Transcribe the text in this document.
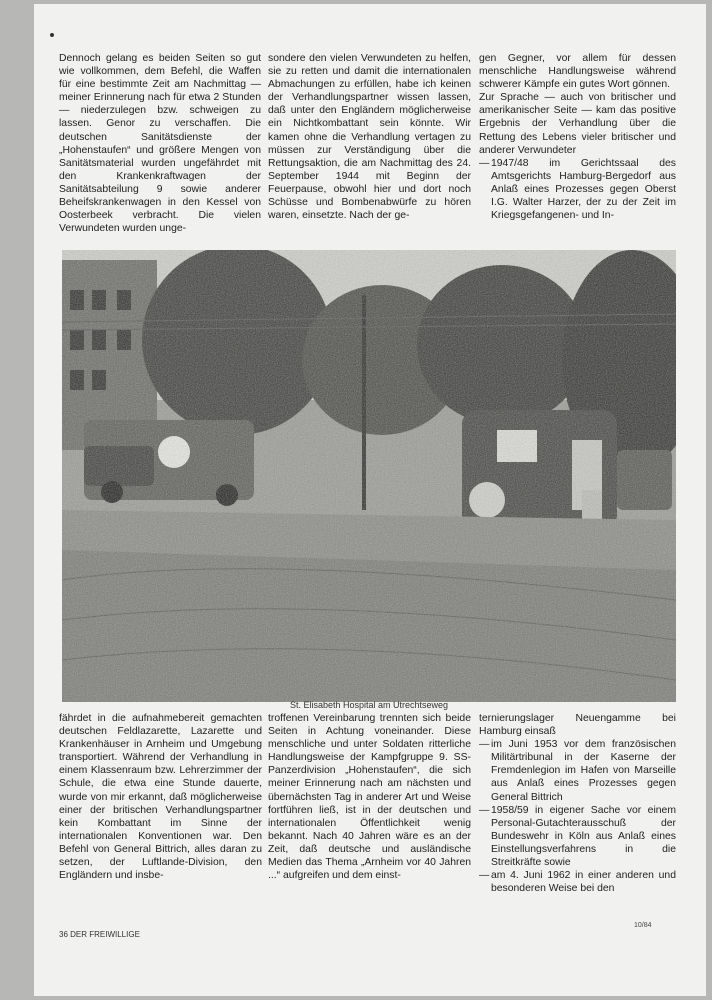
Dennoch gelang es beiden Seiten so gut wie vollkommen, dem Befehl, die Waffen für eine bestimmte Zeit am Nachmittag — meiner Erinnerung nach für etwa 2 Stunden — niederzulegen bzw. schweigen zu lassen. Genor zu verschaffen. Die deutschen Sanitätsdienste der „Hohenstaufen“ und größere Mengen von Sanitätsmaterial wurden ungefährdet mit den Krankenkraftwagen der Sanitätsabteilung 9 sowie anderer Beheifskrankenwagen in den Kessel von Oosterbeek verbracht. Die vielen Verwundeten wurden unge-

sondere den vielen Verwundeten zu helfen, sie zu retten und damit die internationalen Abmachungen zu erfüllen, habe ich keinen der Verhandlungspartner wissen lassen, daß unter den Engländern möglicherweise ein Nichtkombattant sein könnte. Wir kamen ohne die Verhandlung vertagen zu müssen zur Verständigung über die Rettungsaktion, die am Nachmittag des 24. September 1944 mit Beginn der Feuerpause, obwohl hier und dort noch Schüsse und Bombenabwürfe zu hören waren, einsetzte. Nach der ge-

gen Gegner, vor allem für dessen menschliche Handlungsweise während schwerer Kämpfe ein gutes Wort gönnen.

Zur Sprache — auch von britischer und amerikanischer Seite — kam das positive Ergebnis der Verhandlung über die Rettung des Lebens vieler britischer und anderer Verwundeter

— 1947/48 im Gerichtssaal des Amtsgerichts Hamburg-Bergedorf aus Anlaß eines Prozesses gegen Oberst I.G. Walter Harzer, der zu der Zeit im Kriegsgefangenen- und In-
St. Elisabeth Hospital am Utrechtseweg

fährdet in die aufnahmebereit gemachten deutschen Feldlazarette, Lazarette und Krankenhäuser in Arnheim und Umgebung transportiert. Während der Verhandlung in einem Klassenraum bzw. Lehrerzimmer der Schule, die etwa eine Stunde dauerte, wurde von mir erkannt, daß möglicherweise einer der britischen Verhandlungspartner kein Kombattant im Sinne der internationalen Konventionen war. Den Befehl von General Bittrich, alles daran zu setzen, der Luftlande-Division, den Engländern und insbe-

troffenen Vereinbarung trennten sich beide Seiten in Achtung voneinander. Diese menschliche und unter Soldaten ritterliche Handlungsweise der Kampfgruppe 9. SS-Panzerdivision „Hohenstaufen“, die sich meiner Erinnerung nach am nächsten und übernächsten Tag in anderer Art und Weise fortführen ließ, ist in der deutschen und internationalen Öffentlichkeit wenig bekannt. Nach 40 Jahren wäre es an der Zeit, daß deutsche und ausländische Medien das Thema „Arnheim vor 40 Jahren ...“ aufgreifen und dem einst-

ternierungslager Neuengamme bei Hamburg einsaß

— im Juni 1953 vor dem französischen Militärtribunal in der Kaserne der Fremdenlegion im Hafen von Marseille aus Anlaß eines Prozesses gegen General Bittrich
— 1958/59 in eigener Sache vor einem Personal-Gutachterausschuß der Bundeswehr in Köln aus Anlaß eines Einstellungsverfahrens in die Streitkräfte sowie
— am 4. Juni 1962 in einer anderen und besonderen Weise bei den
36 DER FREIWILLIGE
10/84
